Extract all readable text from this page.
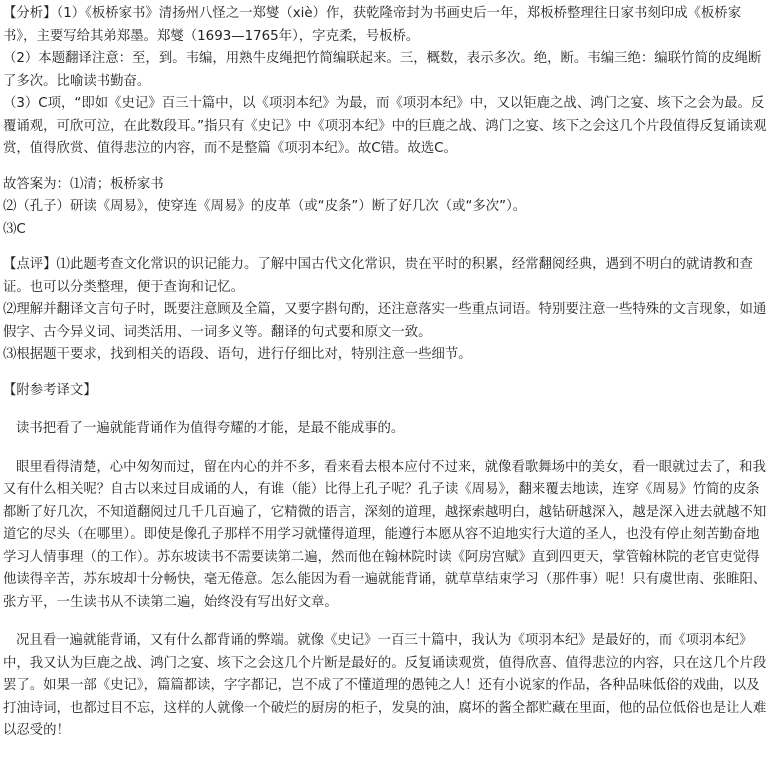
【分析】（1）《板桥家书》清扬州八怪之一郑燮（xiè）作，获乾隆帝封为书画史后一年，郑板桥整理往日家书刻印成《板桥家书》，主要写给其弟郑墨。郑燮（1693—1765年），字克柔，号板桥。

（2）本题翻译注意：至，到。韦编，用熟牛皮绳把竹简编联起来。三，概数，表示多次。绝，断。韦编三绝：编联竹简的皮绳断了多次。比喻读书勤奋。

（3）C项，“即如《史记》百三十篇中，以《项羽本纪》为最，而《项羽本纪》中，又以钜鹿之战、鸿门之宴、垓下之会为最。反覆诵观，可欣可泣，在此数段耳。”指只有《史记》中《项羽本纪》中的巨鹿之战、鸿门之宴、垓下之会这几个片段值得反复诵读观赏，值得欣赏、值得悲泣的内容，而不是整篇《项羽本纪》。故C错。故选C。

故答案为：⑴清；板桥家书

⑵（孔子）研读《周易》，使穿连《周易》的皮革（或“皮条”）断了好几次（或“多次”）。

⑶C

【点评】⑴此题考查文化常识的识记能力。了解中国古代文化常识，贵在平时的积累，经常翻阅经典，遇到不明白的就请教和查证。也可以分类整理，便于查询和记忆。

⑵理解并翻译文言句子时，既要注意顾及全篇，又要字斟句酌，还注意落实一些重点词语。特别要注意一些特殊的文言现象，如通假字、古今异义词、词类活用、一词多义等。翻译的句式要和原文一致。

⑶根据题干要求，找到相关的语段、语句，进行仔细比对，特别注意一些细节。

【附参考译文】

读书把看了一遍就能背诵作为值得夸耀的才能，是最不能成事的。

眼里看得清楚，心中匆匆而过，留在内心的并不多，看来看去根本应付不过来，就像看歌舞场中的美女，看一眼就过去了，和我又有什么相关呢？自古以来过目成诵的人，有谁（能）比得上孔子呢？孔子读《周易》，翻来覆去地读，连穿《周易》竹简的皮条都断了好几次，不知道翻阅过几千几百遍了，它精微的语言，深刻的道理，越探索越明白，越钻研越深入，越是深入进去就越不知道它的尽头（在哪里）。即使是像孔子那样不用学习就懂得道理，能遵行本愿从容不迫地实行大道的圣人，也没有停止刻苦勤奋地学习人情事理（的工作）。苏东坡读书不需要读第二遍，然而他在翰林院时读《阿房宫赋》直到四更天，掌管翰林院的老官吏觉得他读得辛苦，苏东坡却十分畅快，毫无倦意。怎么能因为看一遍就能背诵，就草草结束学习（那件事）呢！只有虞世南、张睢阳、张方平，一生读书从不读第二遍，始终没有写出好文章。

况且看一遍就能背诵，又有什么都背诵的弊端。就像《史记》一百三十篇中，我认为《项羽本纪》是最好的，而《项羽本纪》中，我又认为巨鹿之战、鸿门之宴、垓下之会这几个片断是最好的。反复诵读观赏，值得欣喜、值得悲泣的内容，只在这几个片段罢了。如果一部《史记》，篇篇都读，字字都记，岂不成了不懂道理的愚钝之人！还有小说家的作品，各种品味低俗的戏曲，以及打油诗词，也都过目不忘，这样的人就像一个破烂的厨房的柜子，发臭的油，腐坏的酱全都贮藏在里面，他的品位低俗也是让人难以忍受的！
